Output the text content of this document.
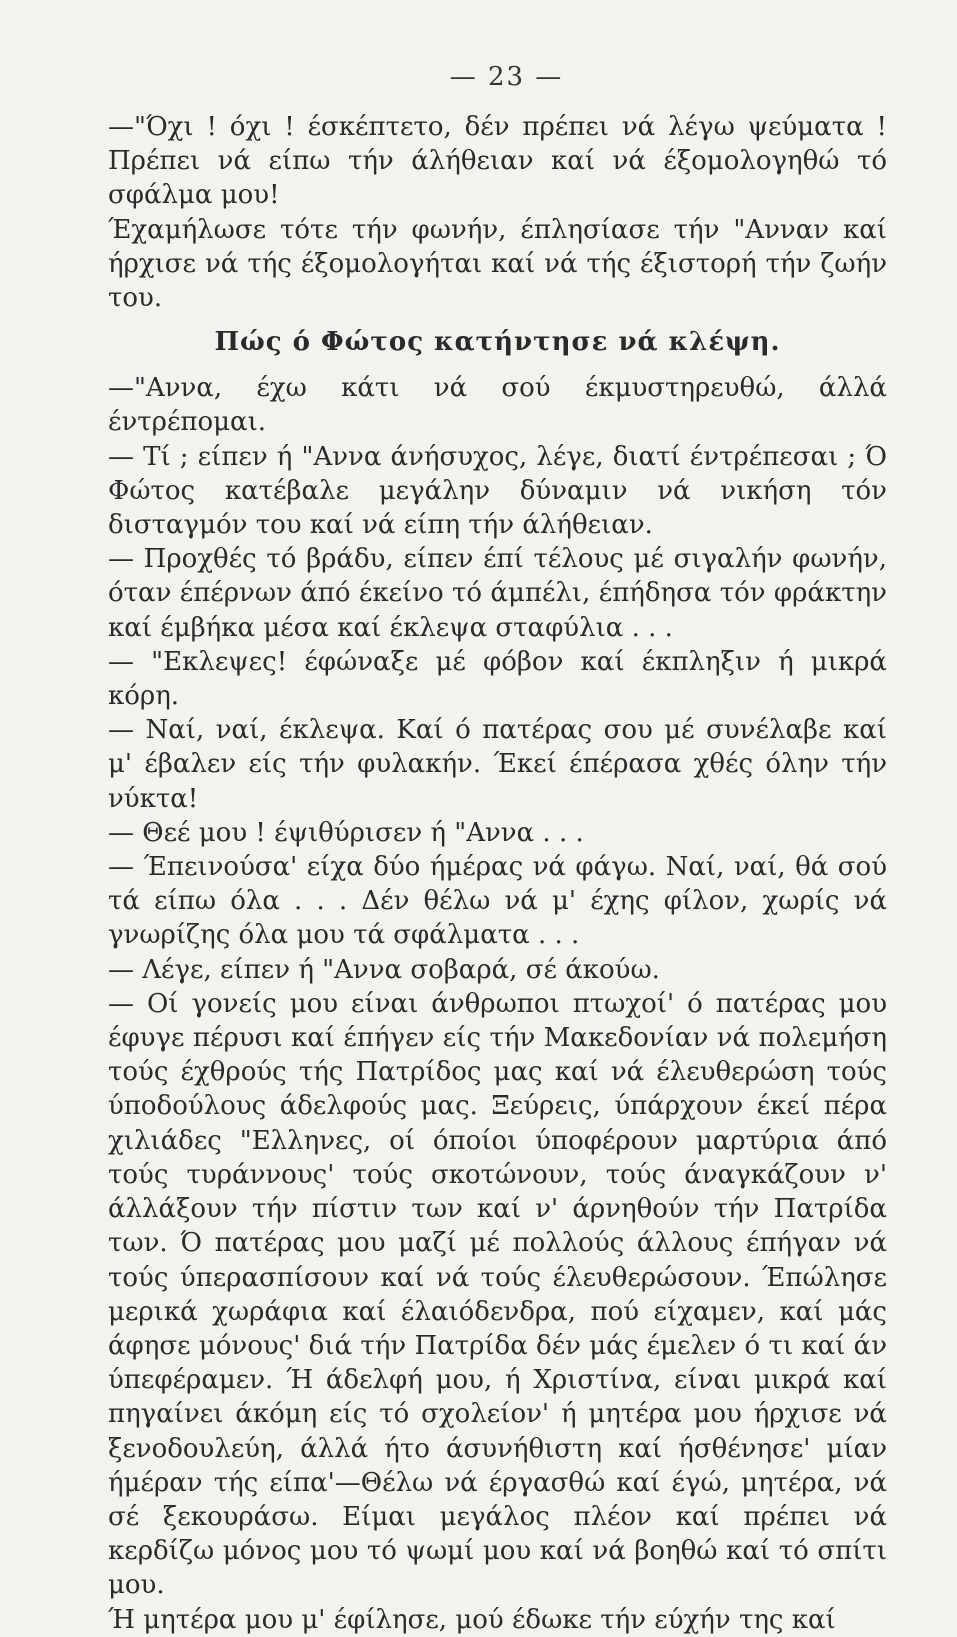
— 23 —

—"Όχι ! όχι ! έσκέπτετο, δέν πρέπει νά λέγω ψεύματα ! Πρέπει νά είπω τήν άλήθειαν καί νά έξομολογηθώ τό σφάλμα μου!

Έχαμήλωσε τότε τήν φωνήν, έπλησίασε τήν "Ανναν καί ήρχισε νά τής έξομολογήται καί νά τής έξιστορή τήν ζωήν του.

Πώς ό Φώτος κατήντησε νά κλέψη.

—"Αννα, έχω κάτι νά σού έκμυστηρευθώ, άλλά έντρέπομαι.

— Τί ; είπεν ή "Αννα άνήσυχος, λέγε, διατί έντρέπεσαι ; Ό Φώτος κατέβαλε μεγάλην δύναμιν νά νικήση τόν δισταγμόν του καί νά είπη τήν άλήθειαν.

— Προχθές τό βράδυ, είπεν έπί τέλους μέ σιγαλήν φωνήν, όταν έπέρνων άπό έκείνο τό άμπέλι, έπήδησα τόν φράκτην καί έμβήκα μέσα καί έκλεψα σταφύλια . . .

— "Εκλεψες! έφώναξε μέ φόβον καί έκπληξιν ή μικρά κόρη.

— Ναί, ναί, έκλεψα. Καί ό πατέρας σου μέ συνέλαβε καί μ' έβαλεν είς τήν φυλακήν. Έκεί έπέρασα χθές όλην τήν νύκτα!

— Θεέ μου ! έψιθύρισεν ή "Αννα . . .

— Έπεινούσα' είχα δύο ήμέρας νά φάγω. Ναί, ναί, θά σού τά είπω όλα . . . Δέν θέλω νά μ' έχης φίλον, χωρίς νά γνωρίζης όλα μου τά σφάλματα . . .

— Λέγε, είπεν ή "Αννα σοβαρά, σέ άκούω.

— Οί γονείς μου είναι άνθρωποι πτωχοί' ό πατέρας μου έφυγε πέρυσι καί έπήγεν είς τήν Μακεδονίαν νά πολεμήση τούς έχθρούς τής Πατρίδος μας καί νά έλευθερώση τούς ύποδούλους άδελφούς μας. Ξεύρεις, ύπάρχουν έκεί πέρα χιλιάδες "Ελληνες, οί όποίοι ύποφέρουν μαρτύρια άπό τούς τυράννους' τούς σκοτώνουν, τούς άναγκάζουν ν' άλλάξουν τήν πίστιν των καί ν' άρνηθούν τήν Πατρίδα των. Ό πατέρας μου μαζί μέ πολλούς άλλους έπήγαν νά τούς ύπερασπίσουν καί νά τούς έλευθερώσουν. Έπώλησε μερικά χωράφια καί έλαιόδενδρα, πού είχαμεν, καί μάς άφησε μόνους' διά τήν Πατρίδα δέν μάς έμελεν ό τι καί άν ύπεφέραμεν. Ή άδελφή μου, ή Χριστίνα, είναι μικρά καί πηγαίνει άκόμη είς τό σχολείον' ή μητέρα μου ήρχισε νά ξενοδουλεύη, άλλά ήτο άσυνήθιστη καί ήσθένησε' μίαν ήμέραν τής είπα'—Θέλω νά έργασθώ καί έγώ, μητέρα, νά σέ ξεκουράσω. Είμαι μεγάλος πλέον καί πρέπει νά κερδίζω μόνος μου τό ψωμί μου καί νά βοηθώ καί τό σπίτι μου.

Ή μητέρα μου μ' έφίλησε, μού έδωκε τήν εύχήν της καί
